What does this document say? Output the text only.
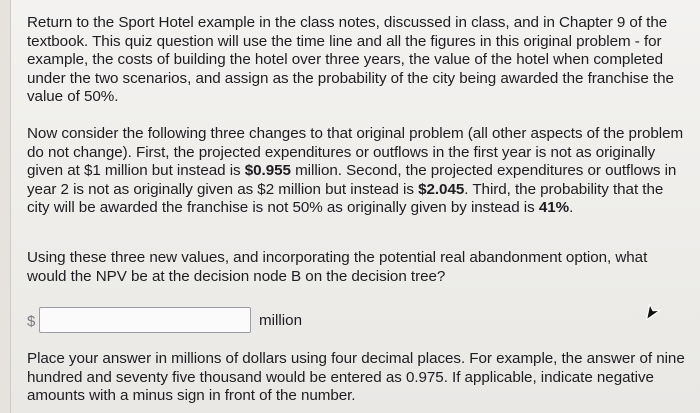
Return to the Sport Hotel example in the class notes, discussed in class, and in Chapter 9 of the textbook. This quiz question will use the time line and all the figures in this original problem - for example, the costs of building the hotel over three years, the value of the hotel when completed under the two scenarios, and assign as the probability of the city being awarded the franchise the value of 50%.

Now consider the following three changes to that original problem (all other aspects of the problem do not change). First, the projected expenditures or outflows in the first year is not as originally given at $1 million but instead is $0.955 million. Second, the projected expenditures or outflows in year 2 is not as originally given as $2 million but instead is $2.045. Third, the probability that the city will be awarded the franchise is not 50% as originally given by instead is 41%.

Using these three new values, and incorporating the potential real abandonment option, what would the NPV be at the decision node B on the decision tree?

$	million

Place your answer in millions of dollars using four decimal places. For example, the answer of nine hundred and seventy five thousand would be entered as 0.975. If applicable, indicate negative amounts with a minus sign in front of the number.
